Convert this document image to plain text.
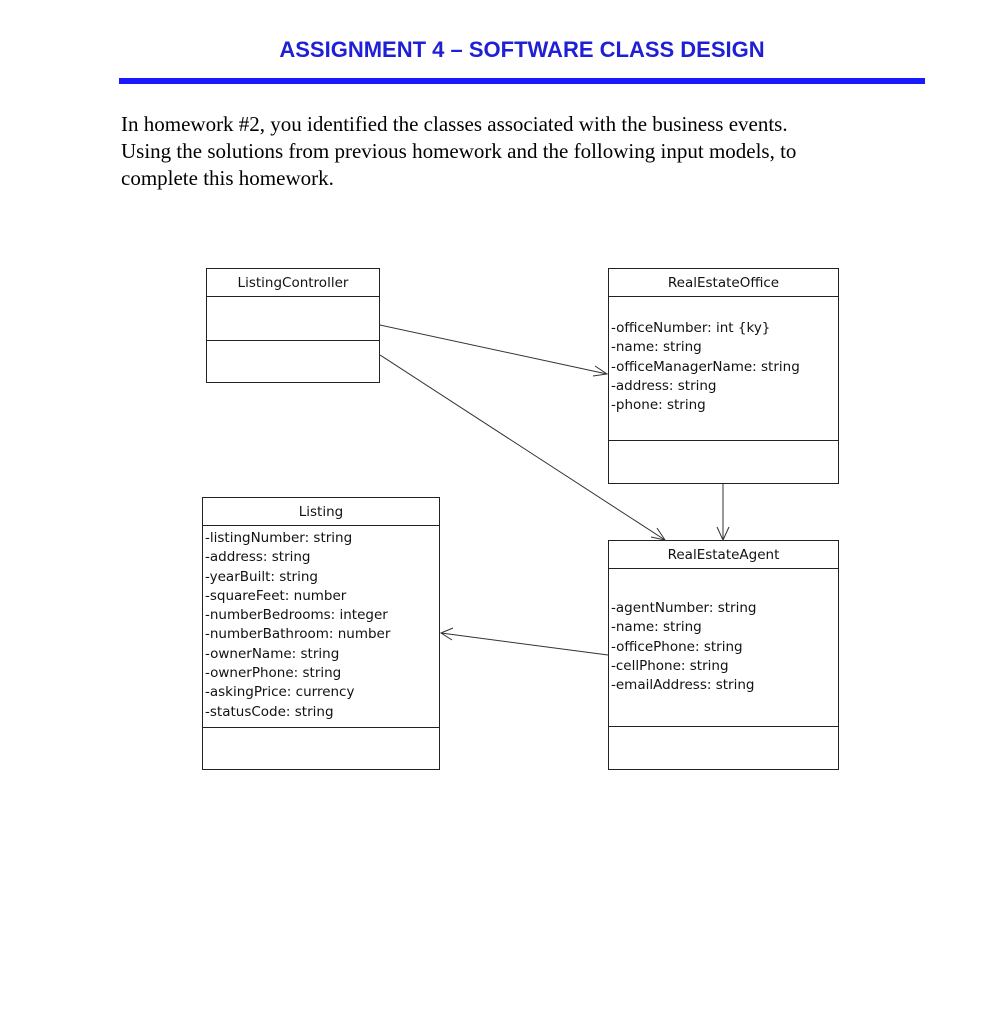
ASSIGNMENT 4 – SOFTWARE CLASS DESIGN

In homework #2, you identified the classes associated with the business events.

Using the solutions from previous homework and the following input models, to

complete this homework.

ListingController	RealEstateOffice
- officeNumber: int {ky}
- name: string
- officeManagerName: string
- address: string
- phone: string
Listing
- listingNumber: string
- address: string
- yearBuilt: string
- squareFeet: number
- numberBedrooms: integer
- numberBathroom: number
- ownerName: string
- ownerPhone: string
- askingPrice: currency
- statusCode: string
RealEstateAgent
- agentNumber: string
- name: string
- officePhone: string
- cellPhone: string
- emailAddress: string
